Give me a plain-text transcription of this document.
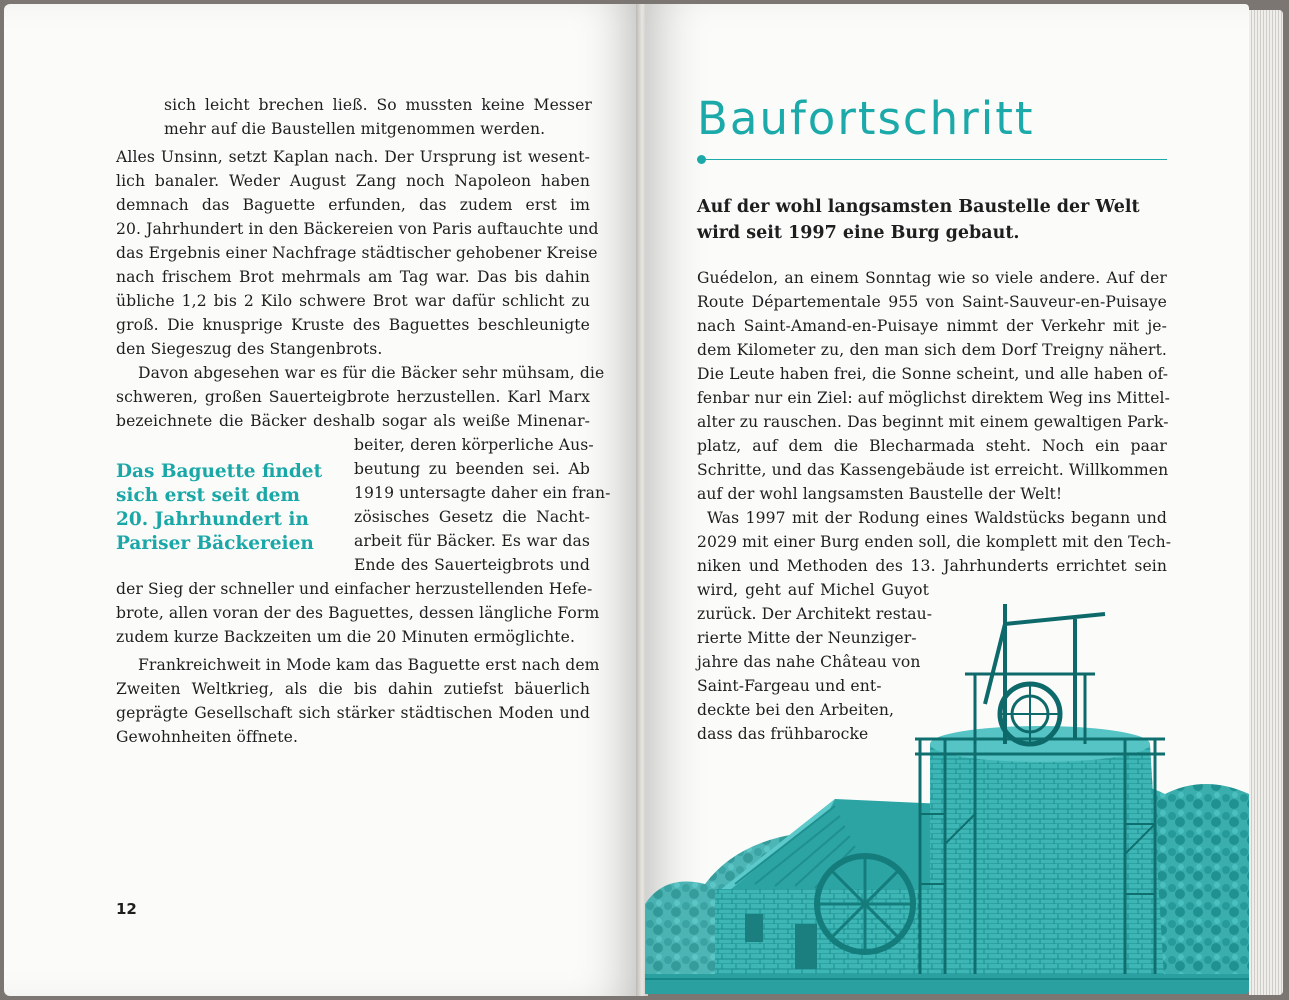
sich leicht brechen ließ. So mussten keine Messer
mehr auf die Baustellen mitgenommen werden.
Alles Unsinn, setzt Kaplan nach. Der Ursprung ist wesent-
lich banaler. Weder August Zang noch Napoleon haben
demnach das Baguette erfunden, das zudem erst im
20. Jahrhundert in den Bäckereien von Paris auftauchte und
das Ergebnis einer Nachfrage städtischer gehobener Kreise
nach frischem Brot mehrmals am Tag war. Das bis dahin
übliche 1,2 bis 2 Kilo schwere Brot war dafür schlicht zu
groß. Die knusprige Kruste des Baguettes beschleunigte
den Siegeszug des Stangenbrots.
Davon abgesehen war es für die Bäcker sehr mühsam, die
schweren, großen Sauerteigbrote herzustellen. Karl Marx
bezeichnete die Bäcker deshalb sogar als weiße Minenar-
beiter, deren körperliche Aus-
beutung zu beenden sei. Ab
1919 untersagte daher ein fran-
zösisches Gesetz die Nacht-
arbeit für Bäcker. Es war das
Ende des Sauerteigbrots und
der Sieg der schneller und einfacher herzustellenden Hefe-
brote, allen voran der des Baguettes, dessen längliche Form
zudem kurze Backzeiten um die 20 Minuten ermöglichte.
Frankreichweit in Mode kam das Baguette erst nach dem
Zweiten Weltkrieg, als die bis dahin zutiefst bäuerlich
geprägte Gesellschaft sich stärker städtischen Moden und
Gewohnheiten öffnete.
Das Baguette findet
sich erst seit dem
20. Jahrhundert in
Pariser Bäckereien
12
Baufortschritt
Auf der wohl langsamsten Baustelle der Welt
wird seit 1997 eine Burg gebaut.
Guédelon, an einem Sonntag wie so viele andere. Auf der
Route Départementale 955 von Saint-Sauveur-en-Puisaye
nach Saint-Amand-en-Puisaye nimmt der Verkehr mit je-
dem Kilometer zu, den man sich dem Dorf Treigny nähert.
Die Leute haben frei, die Sonne scheint, und alle haben of-
fenbar nur ein Ziel: auf möglichst direktem Weg ins Mittel-
alter zu rauschen. Das beginnt mit einem gewaltigen Park-
platz, auf dem die Blecharmada steht. Noch ein paar
Schritte, und das Kassengebäude ist erreicht. Willkommen
auf der wohl langsamsten Baustelle der Welt!
Was 1997 mit der Rodung eines Waldstücks begann und
2029 mit einer Burg enden soll, die komplett mit den Tech-
niken und Methoden des 13. Jahrhunderts errichtet sein
wird, geht auf Michel Guyot
zurück. Der Architekt restau-
rierte Mitte der Neunziger-
jahre das nahe Château von
Saint-Fargeau und ent-
deckte bei den Arbeiten,
dass das frühbarocke
